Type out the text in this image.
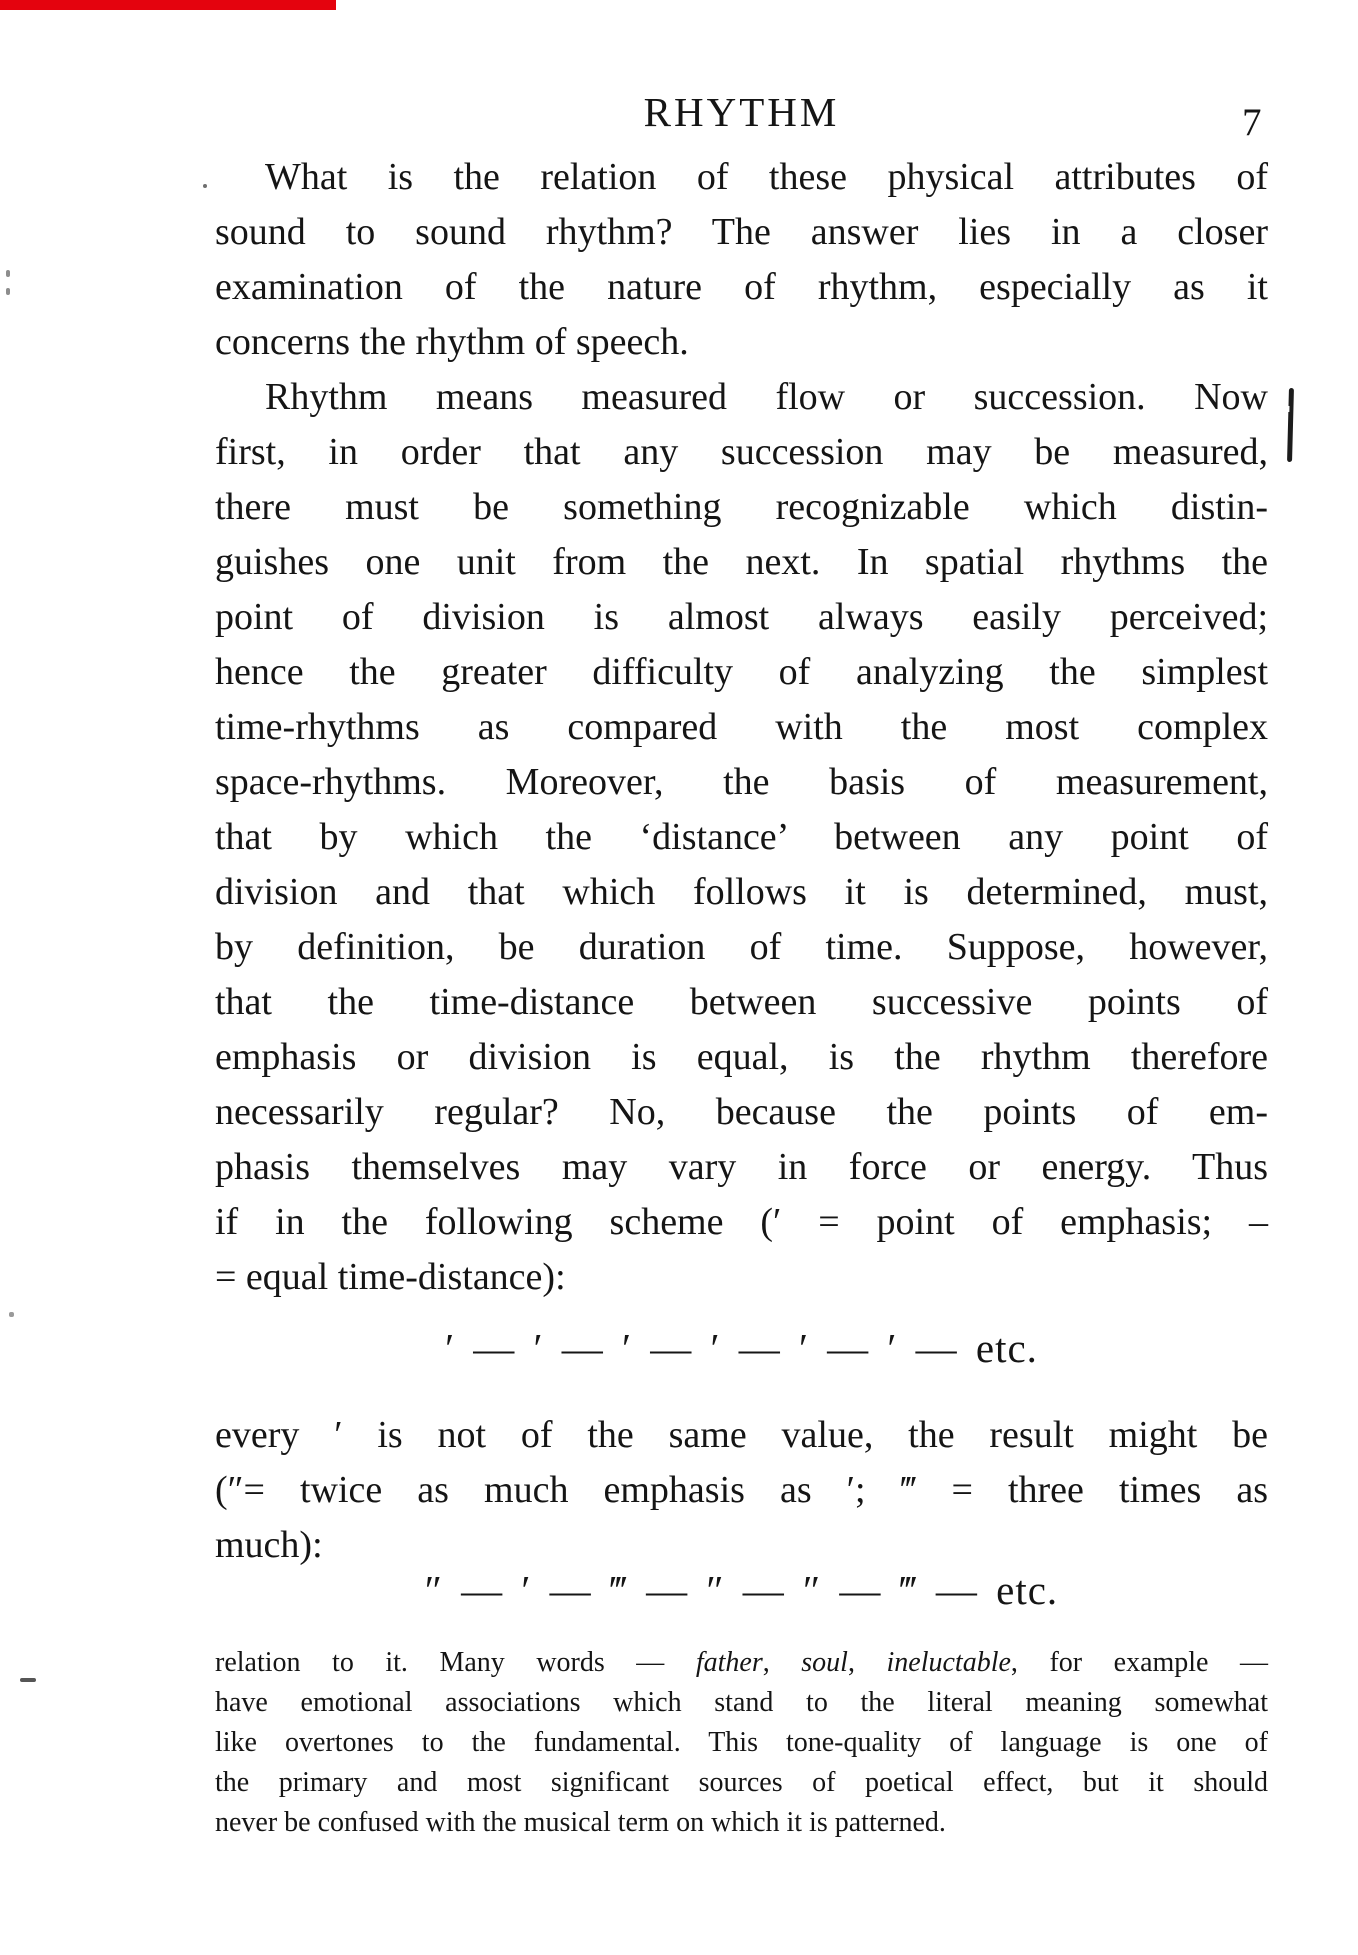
RHYTHM	7
What is the relation of these physical attributes of
sound to sound rhythm? The answer lies in a closer
examination of the nature of rhythm, especially as it
concerns the rhythm of speech.
Rhythm means measured flow or succession. Now
first, in order that any succession may be measured,
there must be something recognizable which distin-
guishes one unit from the next. In spatial rhythms the
point of division is almost always easily perceived;
hence the greater difficulty of analyzing the simplest
time-rhythms as compared with the most complex
space-rhythms. Moreover, the basis of measurement,
that by which the ‘distance’ between any point of
division and that which follows it is determined, must,
by definition, be duration of time. Suppose, however,
that the time-distance between successive points of
emphasis or division is equal, is the rhythm therefore
necessarily regular? No, because the points of em-
phasis themselves may vary in force or energy. Thus
if in the following scheme (′ = point of emphasis; –
= equal time-distance):
′ — ′ — ′ — ′ — ′ — ′ — etc.
every ′ is not of the same value, the result might be
(″= twice as much emphasis as ′; ‴ = three times as
much):
″ — ′ — ‴ — ″ — ″ — ‴ — etc.
relation to it. Many words — father, soul, ineluctable, for example —
have emotional associations which stand to the literal meaning somewhat
like overtones to the fundamental. This tone-quality of language is one of
the primary and most significant sources of poetical effect, but it should
never be confused with the musical term on which it is patterned.
